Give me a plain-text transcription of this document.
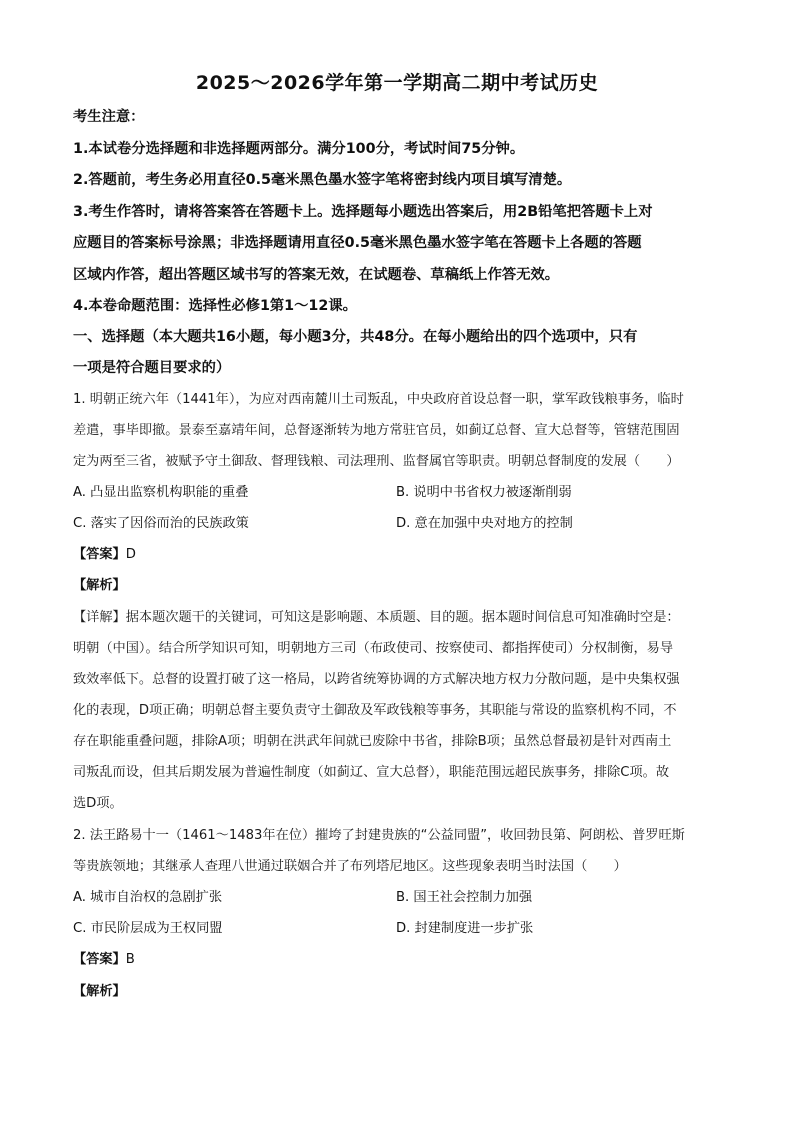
2025～2026学年第一学期高二期中考试历史
考生注意：
1.本试卷分选择题和非选择题两部分。满分100分，考试时间75分钟。
2.答题前，考生务必用直径0.5毫米黑色墨水签字笔将密封线内项目填写清楚。
3.考生作答时，请将答案答在答题卡上。选择题每小题选出答案后，用2B铅笔把答题卡上对
应题目的答案标号涂黑；非选择题请用直径0.5毫米黑色墨水签字笔在答题卡上各题的答题
区域内作答，超出答题区域书写的答案无效，在试题卷、草稿纸上作答无效。
4.本卷命题范围：选择性必修1第1～12课。
一、选择题（本大题共16小题，每小题3分，共48分。在每小题给出的四个选项中，只有
一项是符合题目要求的）
1. 明朝正统六年（1441年），为应对西南麓川土司叛乱，中央政府首设总督一职，掌军政钱粮事务，临时
差遣，事毕即撤。景泰至嘉靖年间，总督逐渐转为地方常驻官员，如蓟辽总督、宣大总督等，管辖范围固
定为两至三省，被赋予守土御敌、督理钱粮、司法理刑、监督属官等职责。明朝总督制度的发展（　　）
A. 凸显出监察机构职能的重叠	B. 说明中书省权力被逐渐削弱
C. 落实了因俗而治的民族政策	D. 意在加强中央对地方的控制
【答案】D
【解析】
【详解】据本题次题干的关键词，可知这是影响题、本质题、目的题。据本题时间信息可知准确时空是：
明朝（中国）。结合所学知识可知，明朝地方三司（布政使司、按察使司、都指挥使司）分权制衡，易导
致效率低下。总督的设置打破了这一格局，以跨省统筹协调的方式解决地方权力分散问题，是中央集权强
化的表现，D项正确；明朝总督主要负责守土御敌及军政钱粮等事务，其职能与常设的监察机构不同，不
存在职能重叠问题，排除A项；明朝在洪武年间就已废除中书省，排除B项；虽然总督最初是针对西南土
司叛乱而设，但其后期发展为普遍性制度（如蓟辽、宣大总督），职能范围远超民族事务，排除C项。故
选D项。
2. 法王路易十一（1461～1483年在位）摧垮了封建贵族的“公益同盟”，收回勃艮第、阿朗松、普罗旺斯
等贵族领地；其继承人查理八世通过联姻合并了布列塔尼地区。这些现象表明当时法国（　　）
A. 城市自治权的急剧扩张	B. 国王社会控制力加强
C. 市民阶层成为王权同盟	D. 封建制度进一步扩张
【答案】B
【解析】
